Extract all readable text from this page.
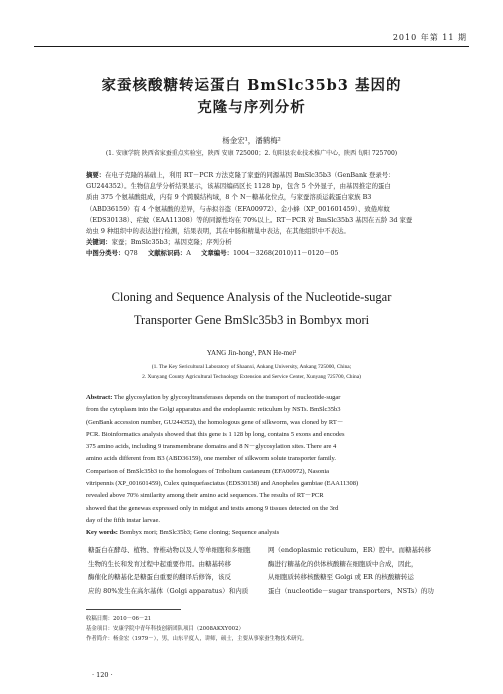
2010 年第 11 期
家蚕核酸糖转运蛋白 BmSlc35b3 基因的
克隆与序列分析
杨金宏¹，潘鹤梅²
(1. 安康学院 陕西省家蚕重点实验室，陕西 安康 725000；2. 旬阳县农业技术推广中心，陕西 旬阳 725700)
摘要：在电子克隆的基础上，利用 RT－PCR 方法克隆了家蚕的同源基因 BmSlc35b3（GenBank 登录号：
GU244352）。生物信息学分析结果显示，该基因编码区长 1128 bp，包含 5 个外显子，由基因推定的蛋白
质由 375 个氨基酸组成，内有 9 个跨膜结构域，8 个 N－糖基化位点，与家蚕溶质运载蛋白家族 B3
（ABD36159）有 4 个氨基酸的差异，与赤拟谷盗（EFA00972）、金小蜂（XP_001601459）、致倦库蚊
（EDS30138）、疟蚊（EAA11308）等的同源性均在 70%以上。RT－PCR 对 BmSlc35b3 基因在五龄 3d 家蚕
幼虫 9 种组织中的表达进行检测，结果表明，其在中肠和精巢中表达，在其他组织中不表达。
关键词：家蚕；BmSlc35b3；基因克隆；序列分析
中图分类号：Q78 文献标识码：A 文章编号：1004－3268(2010)11－0120－05
Cloning and Sequence Analysis of the Nucleotide-sugar
Transporter Gene BmSlc35b3 in Bombyx mori
YANG Jin-hong¹, PAN He-mei²
(1. The Key Sericultural Laboratory of Shaanxi, Ankang University, Ankang 725000, China;
2. Xunyang County Agricultural Technology Extension and Service Center, Xunyang 725700, China)
Abstract: The glycosylation by glycosyltransferases depends on the transport of nucleotide-sugar
from the cytoplasm into the Golgi apparatus and the endoplasmic reticulum by NSTs. BmSlc35b3
(GenBank accession number, GU244352), the homologous gene of silkworm, was cloned by RT－
PCR. Bioinformatics analysis showed that this gene is 1 128 bp long, contains 5 exons and encodes
375 amino acids, including 9 transmembrane domains and 8 N－glycosylation sites. There are 4
amino acids different from B3 (ABD36159), one member of silkworm solute transporter family.
Comparison of BmSlc35b3 to the homologues of Tribolium castaneum (EFA00972), Nasonia
vitripennis (XP_001601459), Culex quinquefasciatus (EDS30138) and Anopheles gambiae (EAA11308)
revealed above 70% similarity among their amino acid sequences. The results of RT－PCR
showed that the genewas expressed only in midgut and testis among 9 tissues detected on the 3rd
day of the fifth instar larvae.
Key words: Bombyx mori; BmSlc35b3; Gene cloning; Sequence analysis
糖蛋白在酵母、植物、脊椎动物以及人等单细胞和多细胞
生物的生长和发育过程中起重要作用。由糖基转移
酶催化的糖基化是糖蛋白重要的翻译后修饰，该反
应的 80%发生在高尔基体（Golgi apparatus）和内质
网（endoplasmic reticulum，ER）腔中。而糖基转移
酶进行糖基化的供体核酸糖在细胞质中合成，因此，
从细胞质转移核酸糖至 Golgi 或 ER 的核酸糖转运
蛋白（nucleotide－sugar transporters，NSTs）的功
收稿日期：2010－06－21
基金项目：安康学院中青年科技创新团队项目（2008AKXY002）
作者简介：杨金宏（1979－），男，山东平度人，讲师，硕士，主要从事家蚕生物技术研究。
· 120 ·
